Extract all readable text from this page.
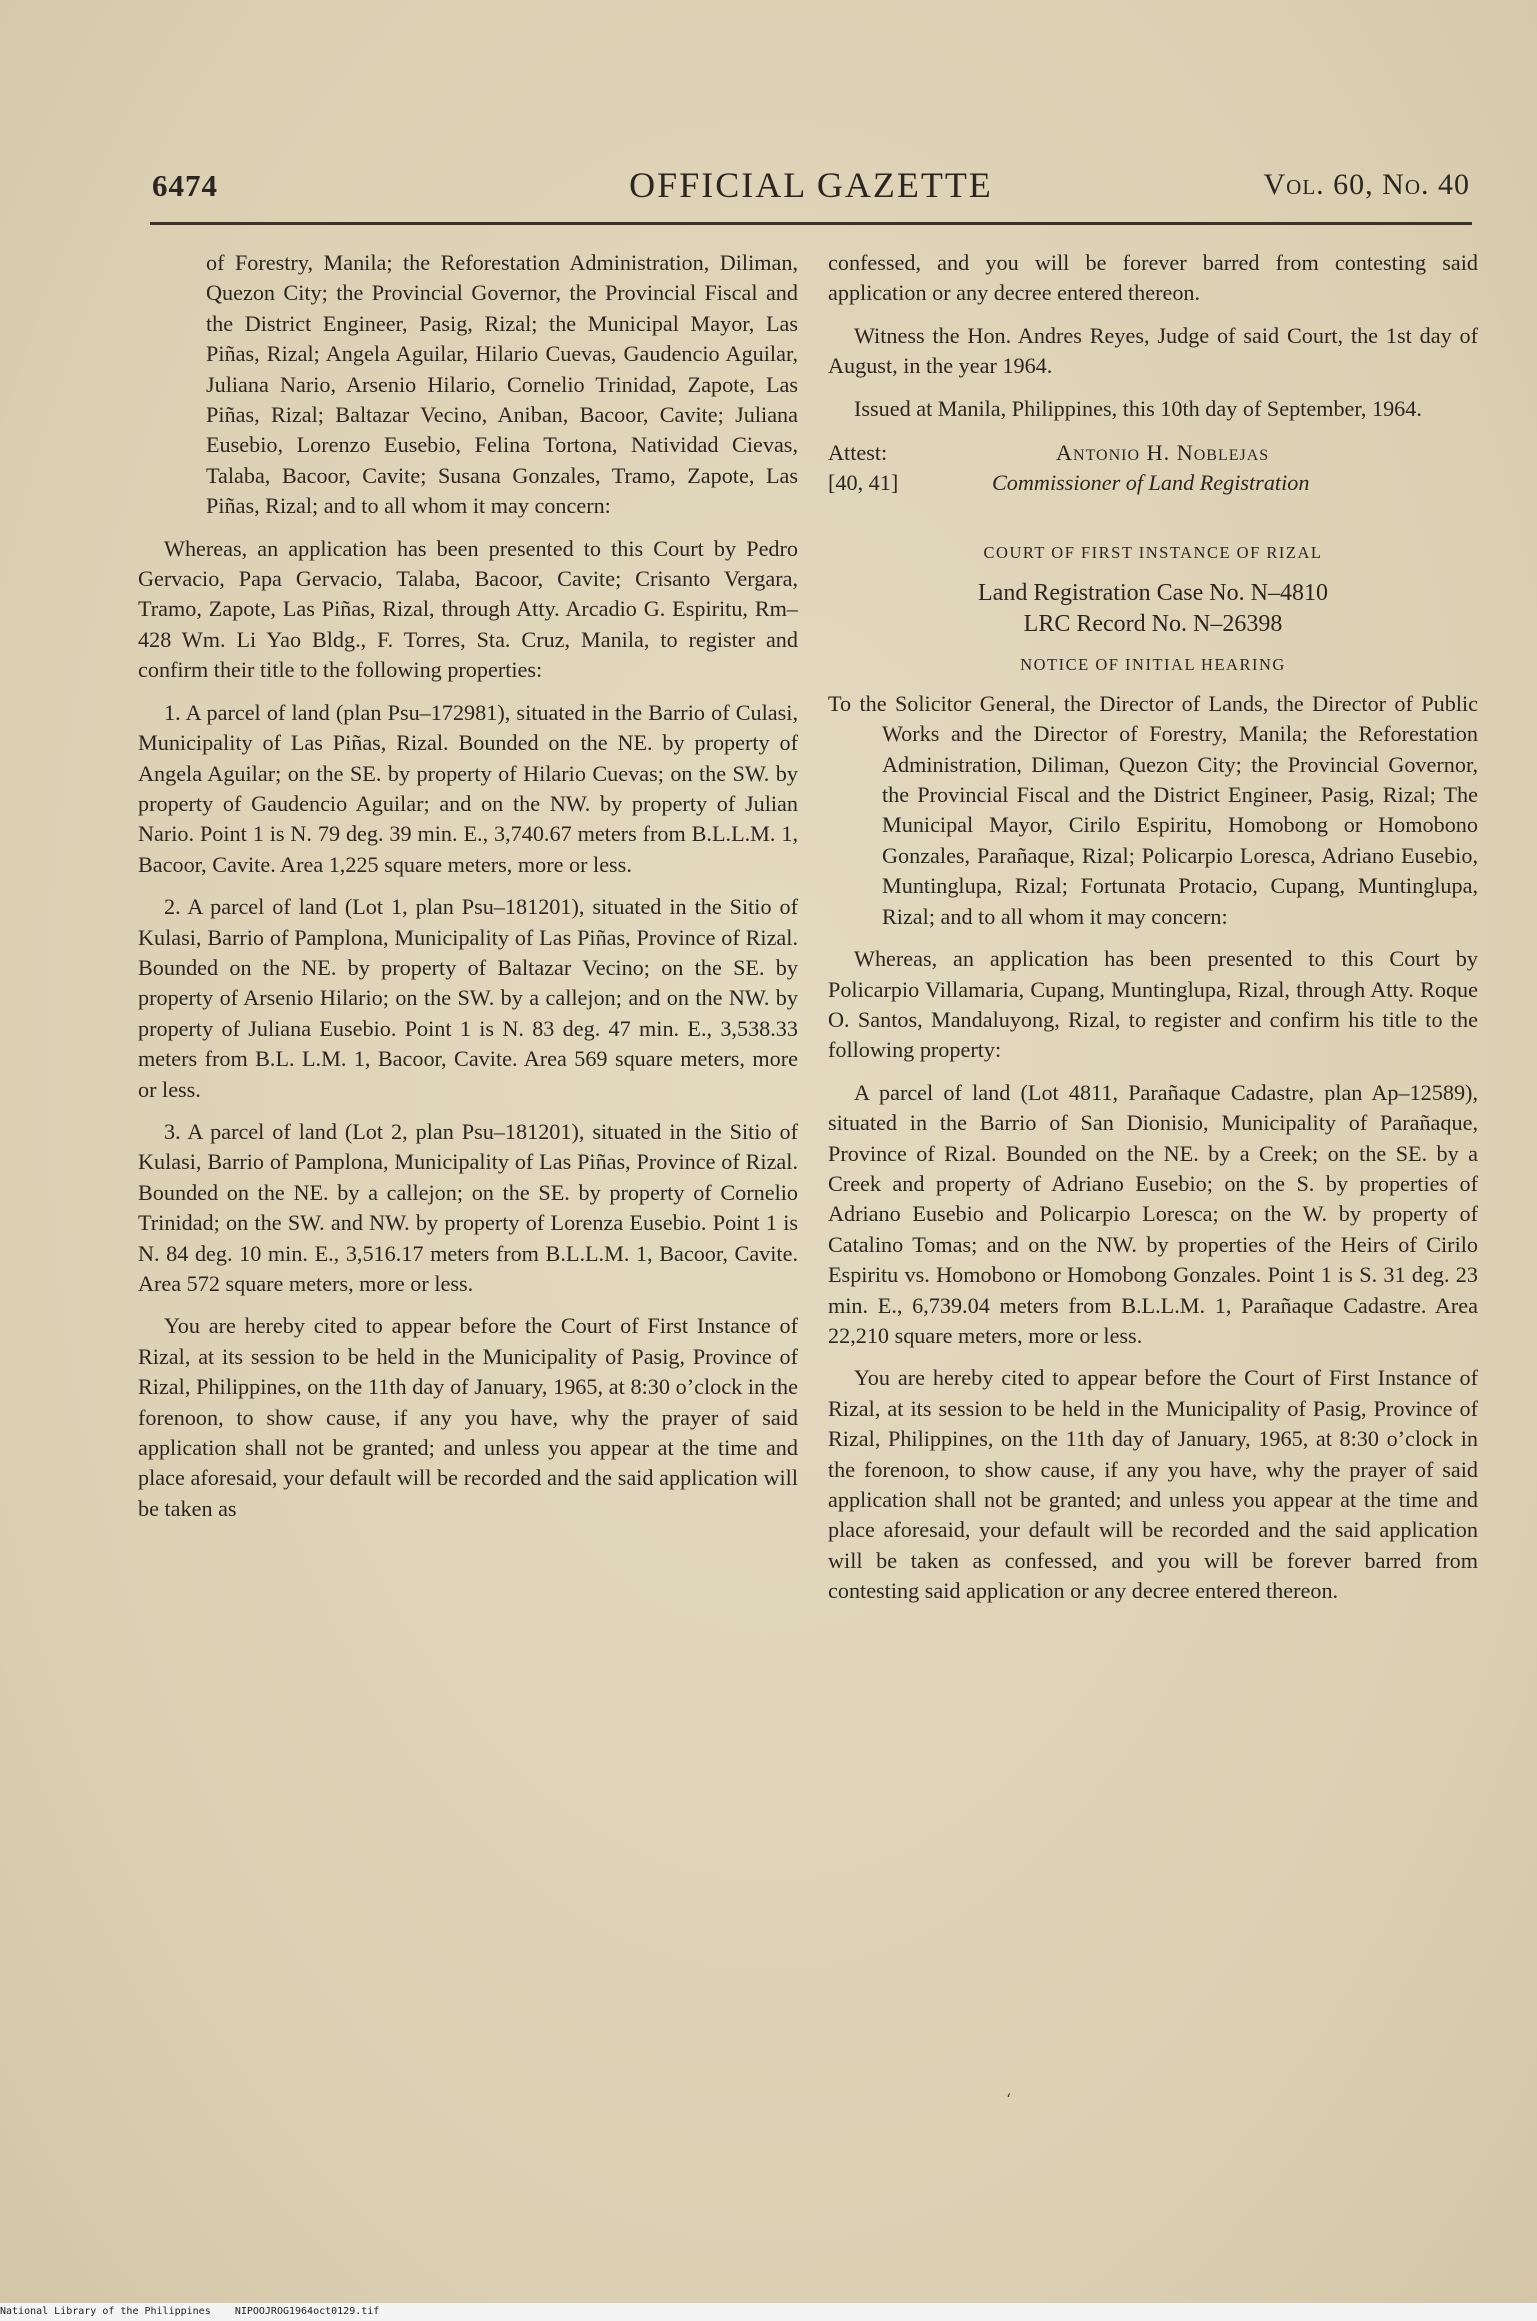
6474	OFFICIAL GAZETTE	Vol. 60, No. 40

of Forestry, Manila; the Reforestation Administration, Diliman, Quezon City; the Provincial Governor, the Provincial Fiscal and the District Engineer, Pasig, Rizal; the Municipal Mayor, Las Piñas, Rizal; Angela Aguilar, Hilario Cuevas, Gaudencio Aguilar, Juliana Nario, Arsenio Hilario, Cornelio Trinidad, Zapote, Las Piñas, Rizal; Baltazar Vecino, Aniban, Bacoor, Cavite; Juliana Eusebio, Lorenzo Eusebio, Felina Tortona, Natividad Cievas, Talaba, Bacoor, Cavite; Susana Gonzales, Tramo, Zapote, Las Piñas, Rizal; and to all whom it may concern:

Whereas, an application has been presented to this Court by Pedro Gervacio, Papa Gervacio, Talaba, Bacoor, Cavite; Crisanto Vergara, Tramo, Zapote, Las Piñas, Rizal, through Atty. Arcadio G. Espiritu, Rm–428 Wm. Li Yao Bldg., F. Torres, Sta. Cruz, Manila, to register and confirm their title to the following properties:

1. A parcel of land (plan Psu–172981), situated in the Barrio of Culasi, Municipality of Las Piñas, Rizal. Bounded on the NE. by property of Angela Aguilar; on the SE. by property of Hilario Cuevas; on the SW. by property of Gaudencio Aguilar; and on the NW. by property of Julian Nario. Point 1 is N. 79 deg. 39 min. E., 3,740.67 meters from B.L.L.M. 1, Bacoor, Cavite. Area 1,225 square meters, more or less.

2. A parcel of land (Lot 1, plan Psu–181201), situated in the Sitio of Kulasi, Barrio of Pamplona, Municipality of Las Piñas, Province of Rizal. Bounded on the NE. by property of Baltazar Vecino; on the SE. by property of Arsenio Hilario; on the SW. by a callejon; and on the NW. by property of Juliana Eusebio. Point 1 is N. 83 deg. 47 min. E., 3,538.33 meters from B.L. L.M. 1, Bacoor, Cavite. Area 569 square meters, more or less.

3. A parcel of land (Lot 2, plan Psu–181201), situated in the Sitio of Kulasi, Barrio of Pamplona, Municipality of Las Piñas, Province of Rizal. Bounded on the NE. by a callejon; on the SE. by property of Cornelio Trinidad; on the SW. and NW. by property of Lorenza Eusebio. Point 1 is N. 84 deg. 10 min. E., 3,516.17 meters from B.L.L.M. 1, Bacoor, Cavite. Area 572 square meters, more or less.

You are hereby cited to appear before the Court of First Instance of Rizal, at its session to be held in the Municipality of Pasig, Province of Rizal, Philippines, on the 11th day of January, 1965, at 8:30 o’clock in the forenoon, to show cause, if any you have, why the prayer of said application shall not be granted; and unless you appear at the time and place aforesaid, your default will be recorded and the said application will be taken as

confessed, and you will be forever barred from contesting said application or any decree entered thereon.

Witness the Hon. Andres Reyes, Judge of said Court, the 1st day of August, in the year 1964.

Issued at Manila, Philippines, this 10th day of September, 1964.

Attest:	Antonio H. Noblejas
[40, 41]	Commissioner of Land Registration
COURT OF FIRST INSTANCE OF RIZAL
Land Registration Case No. N–4810
LRC Record No. N–26398
NOTICE OF INITIAL HEARING

To the Solicitor General, the Director of Lands, the Director of Public Works and the Director of Forestry, Manila; the Reforestation Administration, Diliman, Quezon City; the Provincial Governor, the Provincial Fiscal and the District Engineer, Pasig, Rizal; The Municipal Mayor, Cirilo Espiritu, Homobong or Homobono Gonzales, Parañaque, Rizal; Policarpio Loresca, Adriano Eusebio, Muntinglupa, Rizal; Fortunata Protacio, Cupang, Muntinglupa, Rizal; and to all whom it may concern:

Whereas, an application has been presented to this Court by Policarpio Villamaria, Cupang, Muntinglupa, Rizal, through Atty. Roque O. Santos, Mandaluyong, Rizal, to register and confirm his title to the following property:

A parcel of land (Lot 4811, Parañaque Cadastre, plan Ap–12589), situated in the Barrio of San Dionisio, Municipality of Parañaque, Province of Rizal. Bounded on the NE. by a Creek; on the SE. by a Creek and property of Adriano Eusebio; on the S. by properties of Adriano Eusebio and Policarpio Loresca; on the W. by property of Catalino Tomas; and on the NW. by properties of the Heirs of Cirilo Espiritu vs. Homobono or Homobong Gonzales. Point 1 is S. 31 deg. 23 min. E., 6,739.04 meters from B.L.L.M. 1, Parañaque Cadastre. Area 22,210 square meters, more or less.

You are hereby cited to appear before the Court of First Instance of Rizal, at its session to be held in the Municipality of Pasig, Province of Rizal, Philippines, on the 11th day of January, 1965, at 8:30 o’clock in the forenoon, to show cause, if any you have, why the prayer of said application shall not be granted; and unless you appear at the time and place aforesaid, your default will be recorded and the said application will be taken as confessed, and you will be forever barred from contesting said application or any decree entered thereon.

‘
National Library of the Philippines NIPOOJROG1964oct0129.tif
